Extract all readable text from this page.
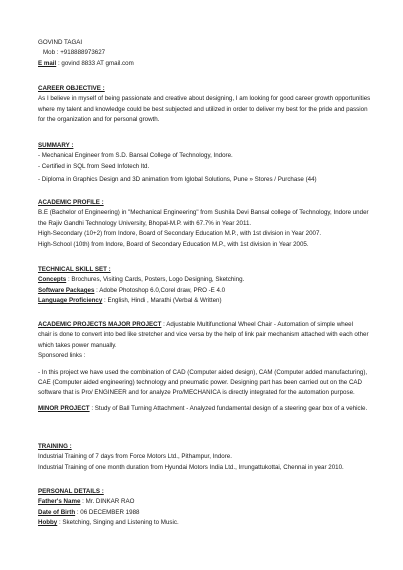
GOVIND TAGAI
Mob : +918888973627
E mail : govind 8833 AT gmail.com
CAREER OBJECTIVE :
As I believe in myself of being passionate and creative about designing, I am looking for good career growth opportunities
where my talent and knowledge could be best subjected and utilized in order to deliver my best for the pride and passion
for the organization and for personal growth.
SUMMARY :
- Mechanical Engineer from S.D. Bansal College of Technology, Indore.
- Certified in SQL from Seed Infotech ltd.
- Diploma in Graphics Design and 3D animation from Iglobal Solutions, Pune » Stores / Purchase (44)
ACADEMIC PROFILE :
B.E (Bachelor of Engineering) in "Mechanical Engineering" from Sushila Devi Bansal college of Technology, Indore under
the Rajiv Gandhi Technology University, Bhopal-M.P. with 67.7% in Year 2011.
High-Secondary (10+2) from Indore, Board of Secondary Education M.P., with 1st division in Year 2007.
High-School (10th) from Indore, Board of Secondary Education M.P., with 1st division in Year 2005.
TECHNICAL SKILL SET :
Concepts : Brochures, Visiting Cards, Posters, Logo Designing, Sketching.
Software Packages : Adobe Photoshop 6.0,Corel draw, PRO -E 4.0
Language Proficiency : English, Hindi , Marathi (Verbal & Written)
ACADEMIC PROJECTS MAJOR PROJECT : Adjustable Multifunctional Wheel Chair - Automation of simple wheel
chair is done to convert into bed like stretcher and vice versa by the help of link pair mechanism attached with each other
which takes power manually.
Sponsored links :
- In this project we have used the combination of CAD (Computer aided design), CAM (Computer added manufacturing),
CAE (Computer aided engineering) technology and pneumatic power. Designing part has been carried out on the CAD
software that is Pro/ ENGINEER and for analyze Pro/MECHANICA is directly integrated for the automation purpose.
MINOR PROJECT : Study of Ball Turning Attachment - Analyzed fundamental design of a steering gear box of a vehicle.
TRAINING :
Industrial Training of 7 days from Force Motors Ltd., Pithampur, Indore.
Industrial Training of one month duration from Hyundai Motors India Ltd., Irrungattukottai, Chennai in year 2010.
PERSONAL DETAILS :
Father's Name : Mr. DINKAR RAO
Date of Birth : 06 DECEMBER 1988
Hobby : Sketching, Singing and Listening to Music.
